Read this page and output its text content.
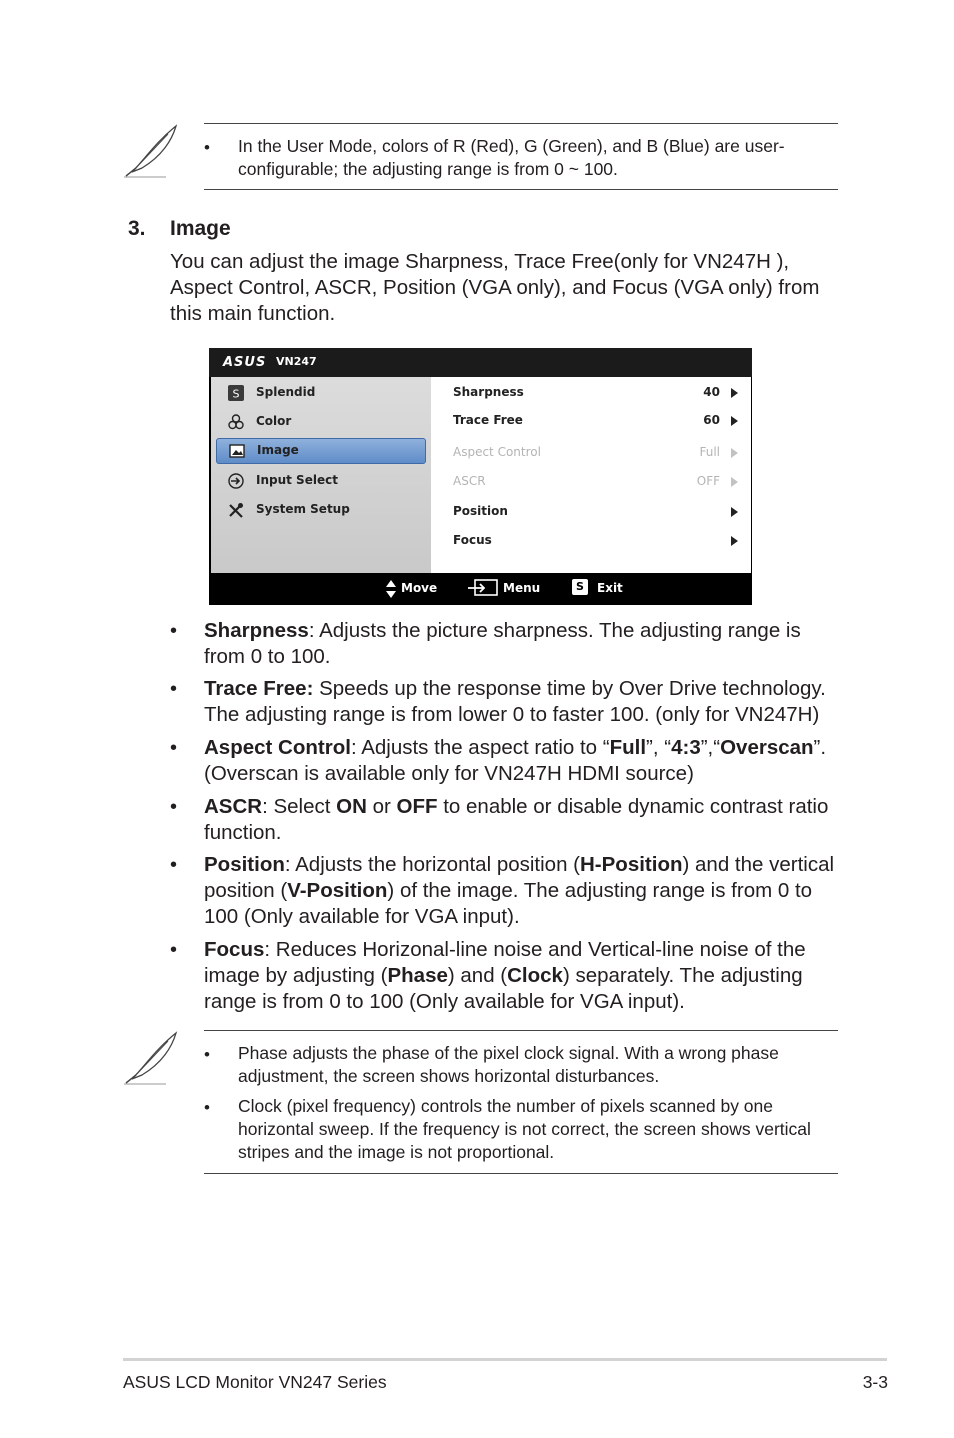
• In the User Mode, colors of R (Red), G (Green), and B (Blue) are user-configurable; the adjusting range is from 0 ~ 100.
3. Image
You can adjust the image Sharpness, Trace Free(only for VN247H ), Aspect Control, ASCR, Position (VGA only), and Focus (VGA only) from this main function.
ASUS VN247
S Splendid
Color
Image
Input Select
System Setup
Sharpness	40
Trace Free	60
Aspect Control	Full
ASCR	OFF
Position
Focus
Move	Menu	S	Exit
• Sharpness: Adjusts the picture sharpness. The adjusting range is from 0 to 100.
• Trace Free: Speeds up the response time by Over Drive technology. The adjusting range is from lower 0 to faster 100. (only for VN247H)
• Aspect Control: Adjusts the aspect ratio to “Full”, “4:3”,“Overscan”. (Overscan is available only for VN247H HDMI source)
• ASCR: Select ON or OFF to enable or disable dynamic contrast ratio function.
• Position: Adjusts the horizontal position (H-Position) and the vertical position (V-Position) of the image. The adjusting range is from 0 to 100 (Only available for VGA input).
• Focus: Reduces Horizonal-line noise and Vertical-line noise of the image by adjusting (Phase) and (Clock) separately. The adjusting range is from 0 to 100 (Only available for VGA input).
• Phase adjusts the phase of the pixel clock signal. With a wrong phase adjustment, the screen shows horizontal disturbances.
• Clock (pixel frequency) controls the number of pixels scanned by one horizontal sweep. If the frequency is not correct, the screen shows vertical stripes and the image is not proportional.
ASUS LCD Monitor VN247 Series	3-3
